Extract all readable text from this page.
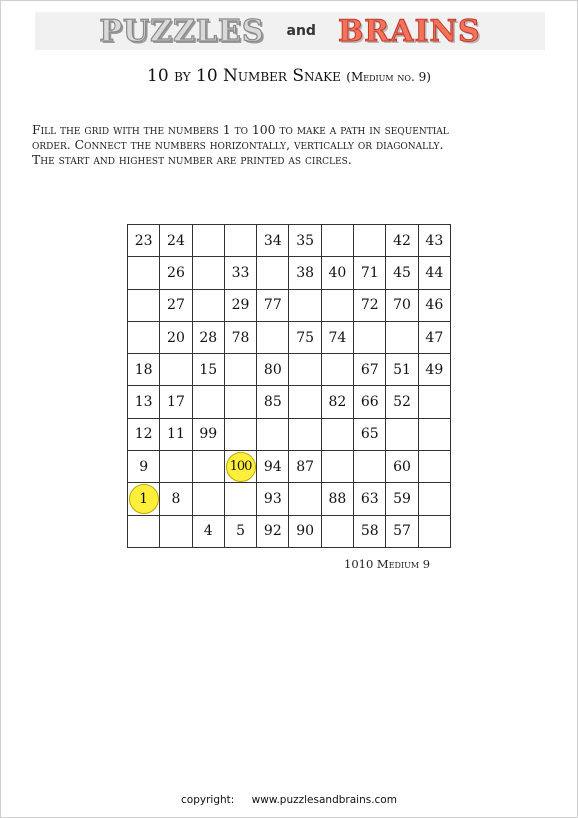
PUZZLES and BRAINS
10 by 10 Number Snake (Medium no. 9)
Fill the grid with the numbers 1 to 100 to make a path in sequential
order. Connect the numbers horizontally, vertically or diagonally.
The start and highest number are printed as circles.
23	24			34	35			42	43
	26		33		38	40	71	45	44
	27		29	77			72	70	46
	20	28	78		75	74			47
18		15		80			67	51	49
13	17			85		82	66	52	
12	11	99					65		
9			100	94	87			60	
1	8			93		88	63	59	
		4	5	92	90		58	57	
1010 Medium 9
copyright: www.puzzlesandbrains.com
